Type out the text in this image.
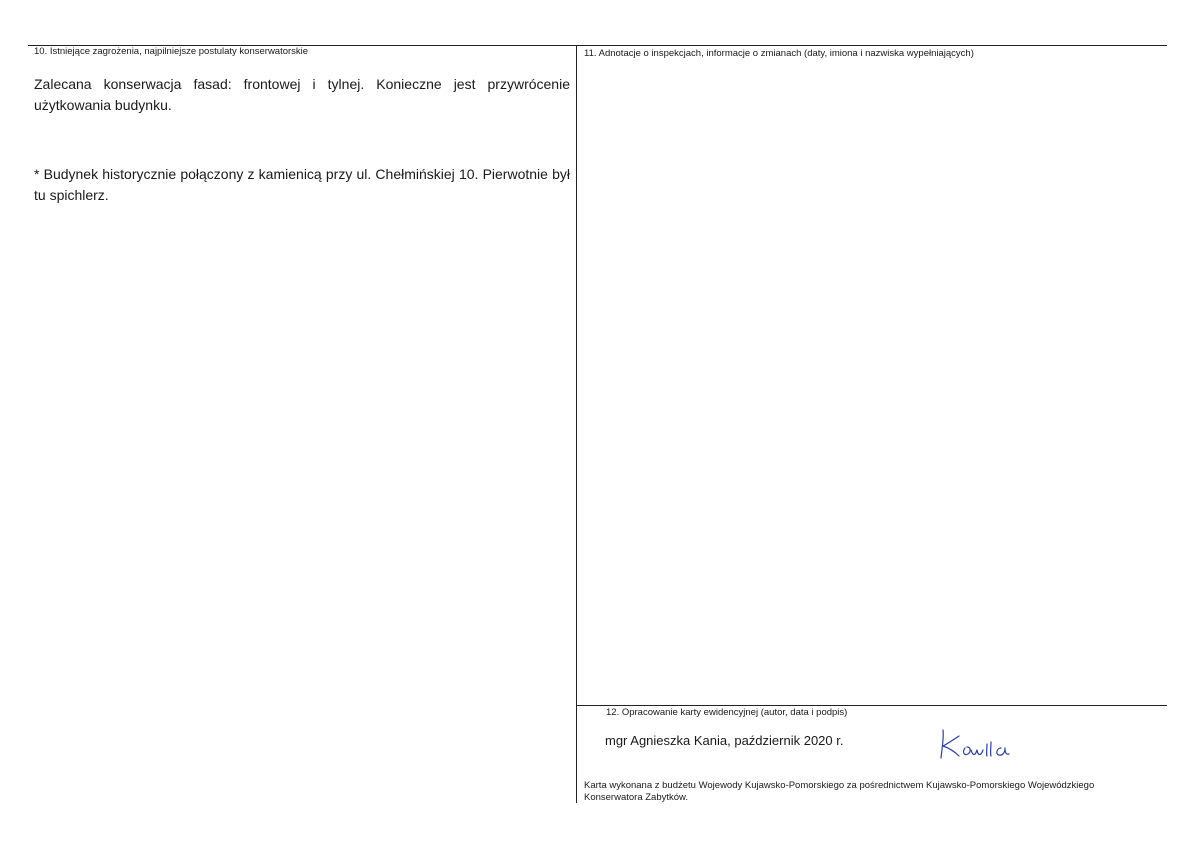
10. Istniejące zagrożenia, najpilniejsze postulaty konserwatorskie
Zalecana konserwacja fasad: frontowej i tylnej. Konieczne jest przywrócenie użytkowania budynku.
* Budynek historycznie połączony z kamienicą przy ul. Chełmińskiej 10. Pierwotnie był tu spichlerz.
11. Adnotacje o inspekcjach, informacje o zmianach (daty, imiona i nazwiska wypełniających)
12. Opracowanie karty ewidencyjnej (autor, data i podpis)
mgr Agnieszka Kania, październik 2020 r.
Karta wykonana z budżetu Wojewody Kujawsko-Pomorskiego za pośrednictwem Kujawsko-Pomorskiego Wojewódzkiego Konserwatora Zabytków.
